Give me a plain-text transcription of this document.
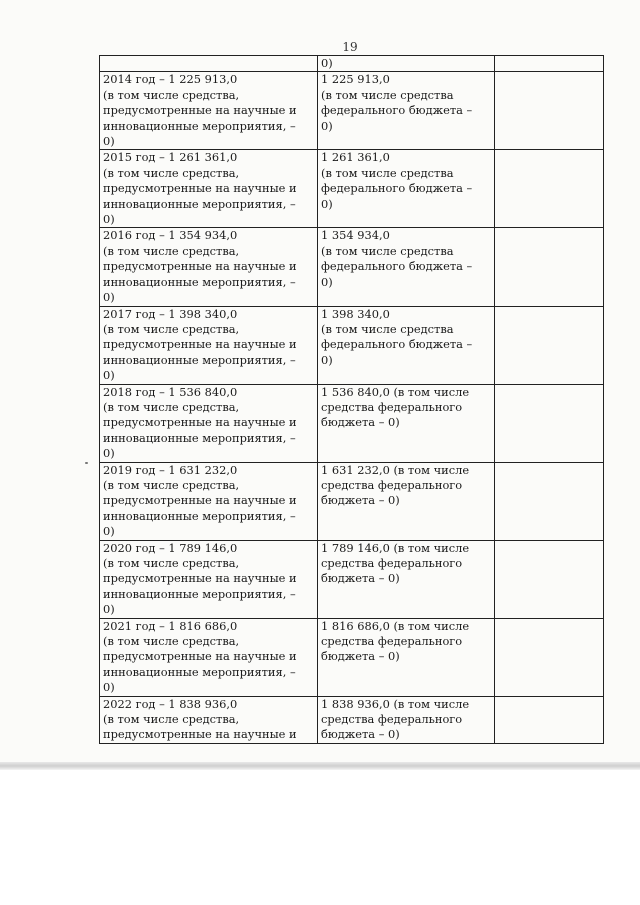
19
	0)	
2014 год – 1 225 913,0
(в том числе средства,
предусмотренные на научные и
инновационные мероприятия, –
0)	1 225 913,0
(в том числе средства
федерального бюджета –
0)	
2015 год – 1 261 361,0
(в том числе средства,
предусмотренные на научные и
инновационные мероприятия, –
0)	1 261 361,0
(в том числе средства
федерального бюджета –
0)	
2016 год – 1 354 934,0
(в том числе средства,
предусмотренные на научные и
инновационные мероприятия, –
0)	1 354 934,0
(в том числе средства
федерального бюджета –
0)	
2017 год – 1 398 340,0
(в том числе средства,
предусмотренные на научные и
инновационные мероприятия, –
0)	1 398 340,0
(в том числе средства
федерального бюджета –
0)	
2018 год – 1 536 840,0
(в том числе средства,
предусмотренные на научные и
инновационные мероприятия, –
0)	1 536 840,0 (в том числе
средства федерального
бюджета – 0)	
2019 год – 1 631 232,0
(в том числе средства,
предусмотренные на научные и
инновационные мероприятия, –
0)	1 631 232,0 (в том числе
средства федерального
бюджета – 0)	
2020 год – 1 789 146,0
(в том числе средства,
предусмотренные на научные и
инновационные мероприятия, –
0)	1 789 146,0 (в том числе
средства федерального
бюджета – 0)	
2021 год – 1 816 686,0
(в том числе средства,
предусмотренные на научные и
инновационные мероприятия, –
0)	1 816 686,0 (в том числе
средства федерального
бюджета – 0)	
2022 год – 1 838 936,0
(в том числе средства,
предусмотренные на научные и	1 838 936,0 (в том числе
средства федерального
бюджета – 0)	
